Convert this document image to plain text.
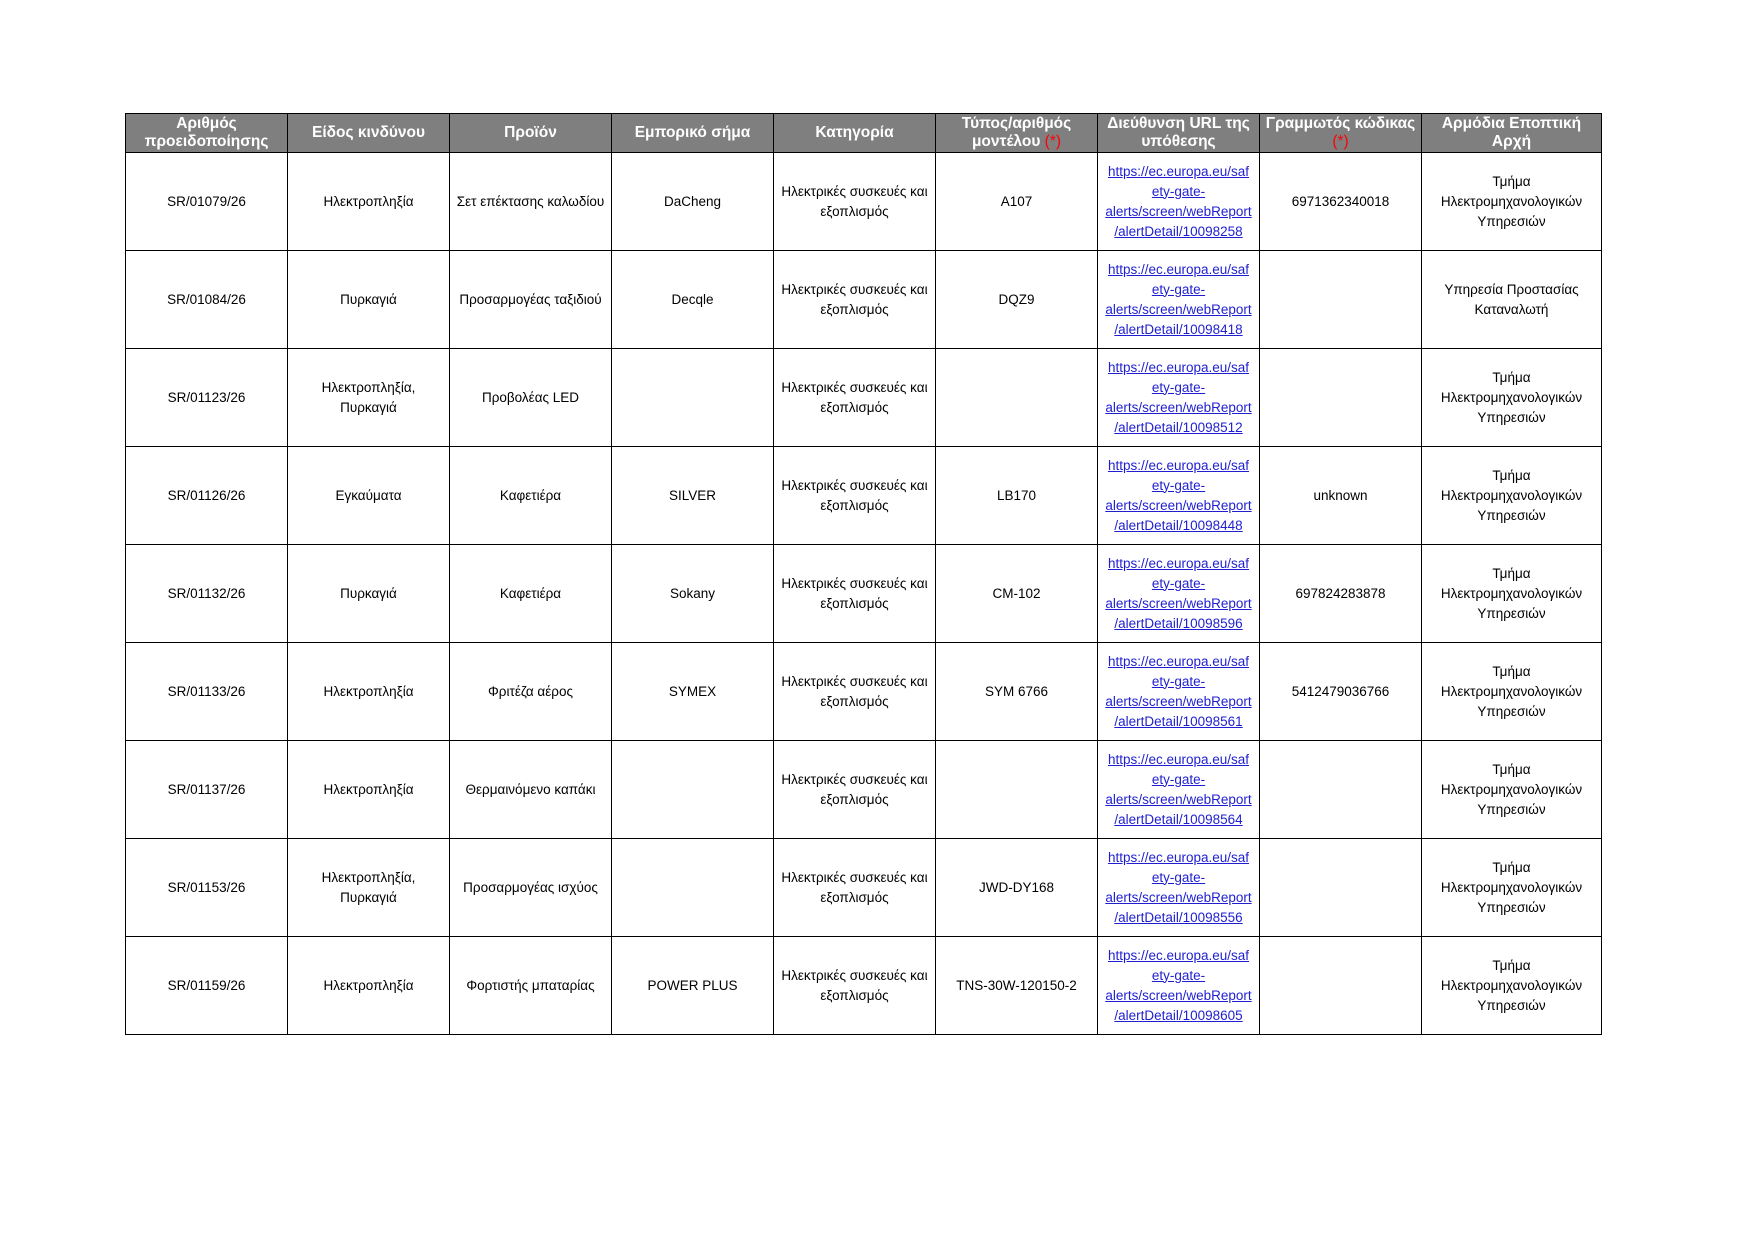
Αριθμός
προειδοποίησης	Είδος κινδύνου	Προϊόν	Εμπορικό σήμα	Κατηγορία	Τύπος/αριθμός
μοντέλου (*)	Διεύθυνση URL της
υπόθεσης	Γραμμωτός κώδικας
(*)	Αρμόδια Εποπτική
Αρχή
SR/01079/26	Ηλεκτροπληξία	Σετ επέκτασης καλωδίου	DaCheng	Ηλεκτρικές συσκευές και
εξοπλισμός	A107	https://ec.europa.eu/saf
ety-gate-
alerts/screen/webReport
/alertDetail/10098258	6971362340018	Τμήμα
Ηλεκτρομηχανολογικών
Υπηρεσιών
SR/01084/26	Πυρκαγιά	Προσαρμογέας ταξιδιού	Decqle	Ηλεκτρικές συσκευές και
εξοπλισμός	DQZ9	https://ec.europa.eu/saf
ety-gate-
alerts/screen/webReport
/alertDetail/10098418		Υπηρεσία Προστασίας
Καταναλωτή
SR/01123/26	Ηλεκτροπληξία,
Πυρκαγιά	Προβολέας LED		Ηλεκτρικές συσκευές και
εξοπλισμός		https://ec.europa.eu/saf
ety-gate-
alerts/screen/webReport
/alertDetail/10098512		Τμήμα
Ηλεκτρομηχανολογικών
Υπηρεσιών
SR/01126/26	Εγκαύματα	Καφετιέρα	SILVER	Ηλεκτρικές συσκευές και
εξοπλισμός	LB170	https://ec.europa.eu/saf
ety-gate-
alerts/screen/webReport
/alertDetail/10098448	unknown	Τμήμα
Ηλεκτρομηχανολογικών
Υπηρεσιών
SR/01132/26	Πυρκαγιά	Καφετιέρα	Sokany	Ηλεκτρικές συσκευές και
εξοπλισμός	CM-102	https://ec.europa.eu/saf
ety-gate-
alerts/screen/webReport
/alertDetail/10098596	697824283878	Τμήμα
Ηλεκτρομηχανολογικών
Υπηρεσιών
SR/01133/26	Ηλεκτροπληξία	Φριτέζα αέρος	SYMEX	Ηλεκτρικές συσκευές και
εξοπλισμός	SYM 6766	https://ec.europa.eu/saf
ety-gate-
alerts/screen/webReport
/alertDetail/10098561	5412479036766	Τμήμα
Ηλεκτρομηχανολογικών
Υπηρεσιών
SR/01137/26	Ηλεκτροπληξία	Θερμαινόμενο καπάκι		Ηλεκτρικές συσκευές και
εξοπλισμός		https://ec.europa.eu/saf
ety-gate-
alerts/screen/webReport
/alertDetail/10098564		Τμήμα
Ηλεκτρομηχανολογικών
Υπηρεσιών
SR/01153/26	Ηλεκτροπληξία,
Πυρκαγιά	Προσαρμογέας ισχύος		Ηλεκτρικές συσκευές και
εξοπλισμός	JWD-DY168	https://ec.europa.eu/saf
ety-gate-
alerts/screen/webReport
/alertDetail/10098556		Τμήμα
Ηλεκτρομηχανολογικών
Υπηρεσιών
SR/01159/26	Ηλεκτροπληξία	Φορτιστής μπαταρίας	POWER PLUS	Ηλεκτρικές συσκευές και
εξοπλισμός	TNS-30W-120150-2	https://ec.europa.eu/saf
ety-gate-
alerts/screen/webReport
/alertDetail/10098605		Τμήμα
Ηλεκτρομηχανολογικών
Υπηρεσιών
